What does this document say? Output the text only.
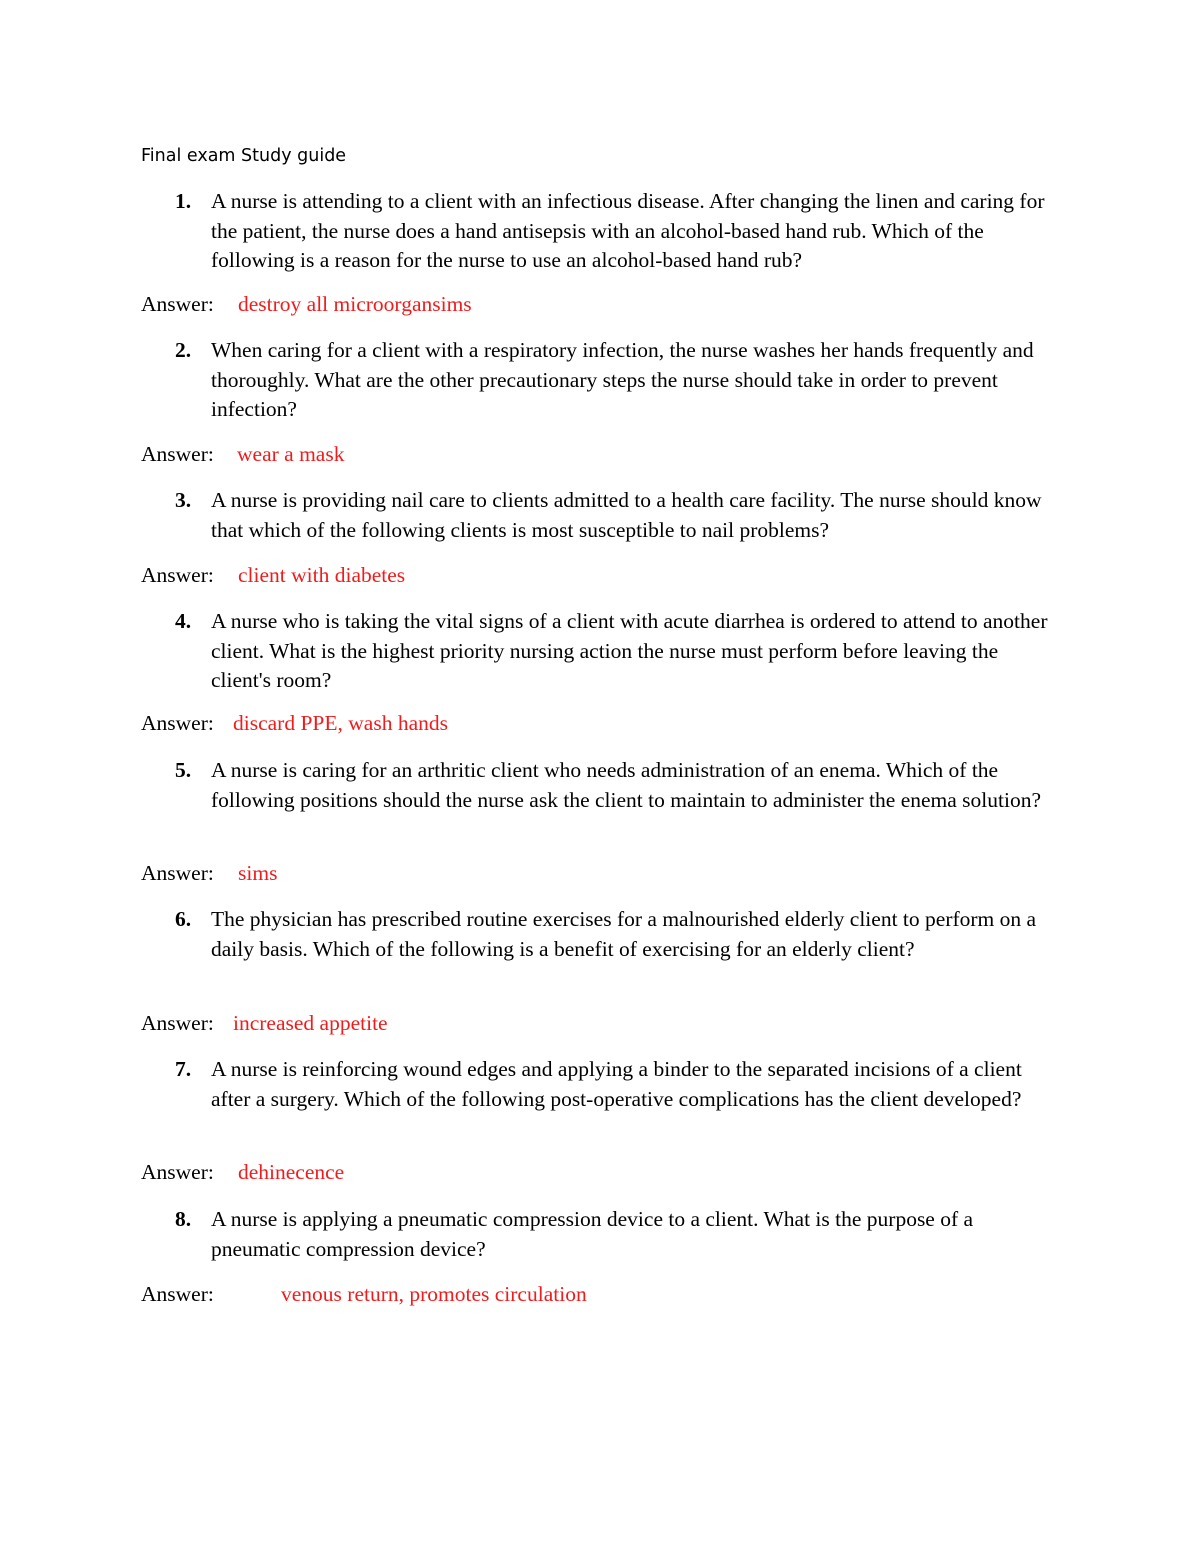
Final exam Study guide
1. A nurse is attending to a client with an infectious disease. After changing the linen and caring for the patient, the nurse does a hand antisepsis with an alcohol-based hand rub. Which of the following is a reason for the nurse to use an alcohol-based hand rub?
Answer: destroy all microorgansims
2. When caring for a client with a respiratory infection, the nurse washes her hands frequently and thoroughly. What are the other precautionary steps the nurse should take in order to prevent infection?
Answer: wear a mask
3. A nurse is providing nail care to clients admitted to a health care facility. The nurse should know that which of the following clients is most susceptible to nail problems?
Answer: client with diabetes
4. A nurse who is taking the vital signs of a client with acute diarrhea is ordered to attend to another client. What is the highest priority nursing action the nurse must perform before leaving the client's room?
Answer: discard PPE, wash hands
5. A nurse is caring for an arthritic client who needs administration of an enema. Which of the following positions should the nurse ask the client to maintain to administer the enema solution?
Answer: sims
6. The physician has prescribed routine exercises for a malnourished elderly client to perform on a daily basis. Which of the following is a benefit of exercising for an elderly client?
Answer: increased appetite
7. A nurse is reinforcing wound edges and applying a binder to the separated incisions of a client after a surgery. Which of the following post-operative complications has the client developed?
Answer: dehinecence
8. A nurse is applying a pneumatic compression device to a client. What is the purpose of a pneumatic compression device?
Answer:	venous return, promotes circulation
